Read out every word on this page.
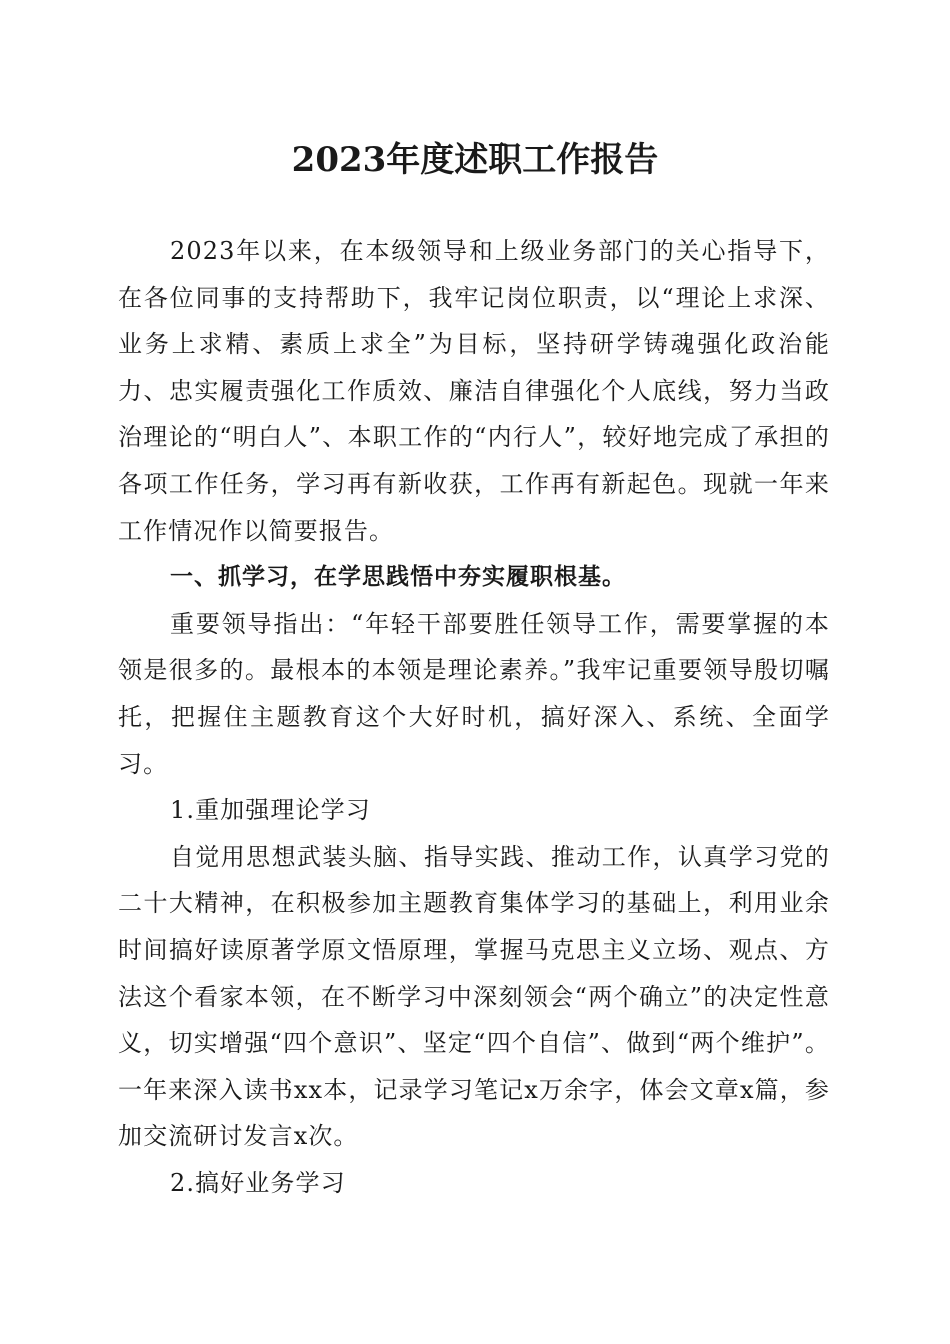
2023年度述职工作报告

2023年以来，在本级领导和上级业务部门的关心指导下，在各位同事的支持帮助下，我牢记岗位职责，以“理论上求深、业务上求精、素质上求全”为目标，坚持研学铸魂强化政治能力、忠实履责强化工作质效、廉洁自律强化个人底线，努力当政治理论的“明白人”、本职工作的“内行人”，较好地完成了承担的各项工作任务，学习再有新收获，工作再有新起色。现就一年来工作情况作以简要报告。

一、抓学习，在学思践悟中夯实履职根基。

重要领导指出：“年轻干部要胜任领导工作，需要掌握的本领是很多的。最根本的本领是理论素养。”我牢记重要领导殷切嘱托，把握住主题教育这个大好时机，搞好深入、系统、全面学习。

1.重加强理论学习

自觉用思想武装头脑、指导实践、推动工作，认真学习党的二十大精神，在积极参加主题教育集体学习的基础上，利用业余时间搞好读原著学原文悟原理，掌握马克思主义立场、观点、方法这个看家本领，在不断学习中深刻领会“两个确立”的决定性意义，切实增强“四个意识”、坚定“四个自信”、做到“两个维护”。一年来深入读书xx本，记录学习笔记x万余字，体会文章x篇，参加交流研讨发言x次。

2.搞好业务学习
